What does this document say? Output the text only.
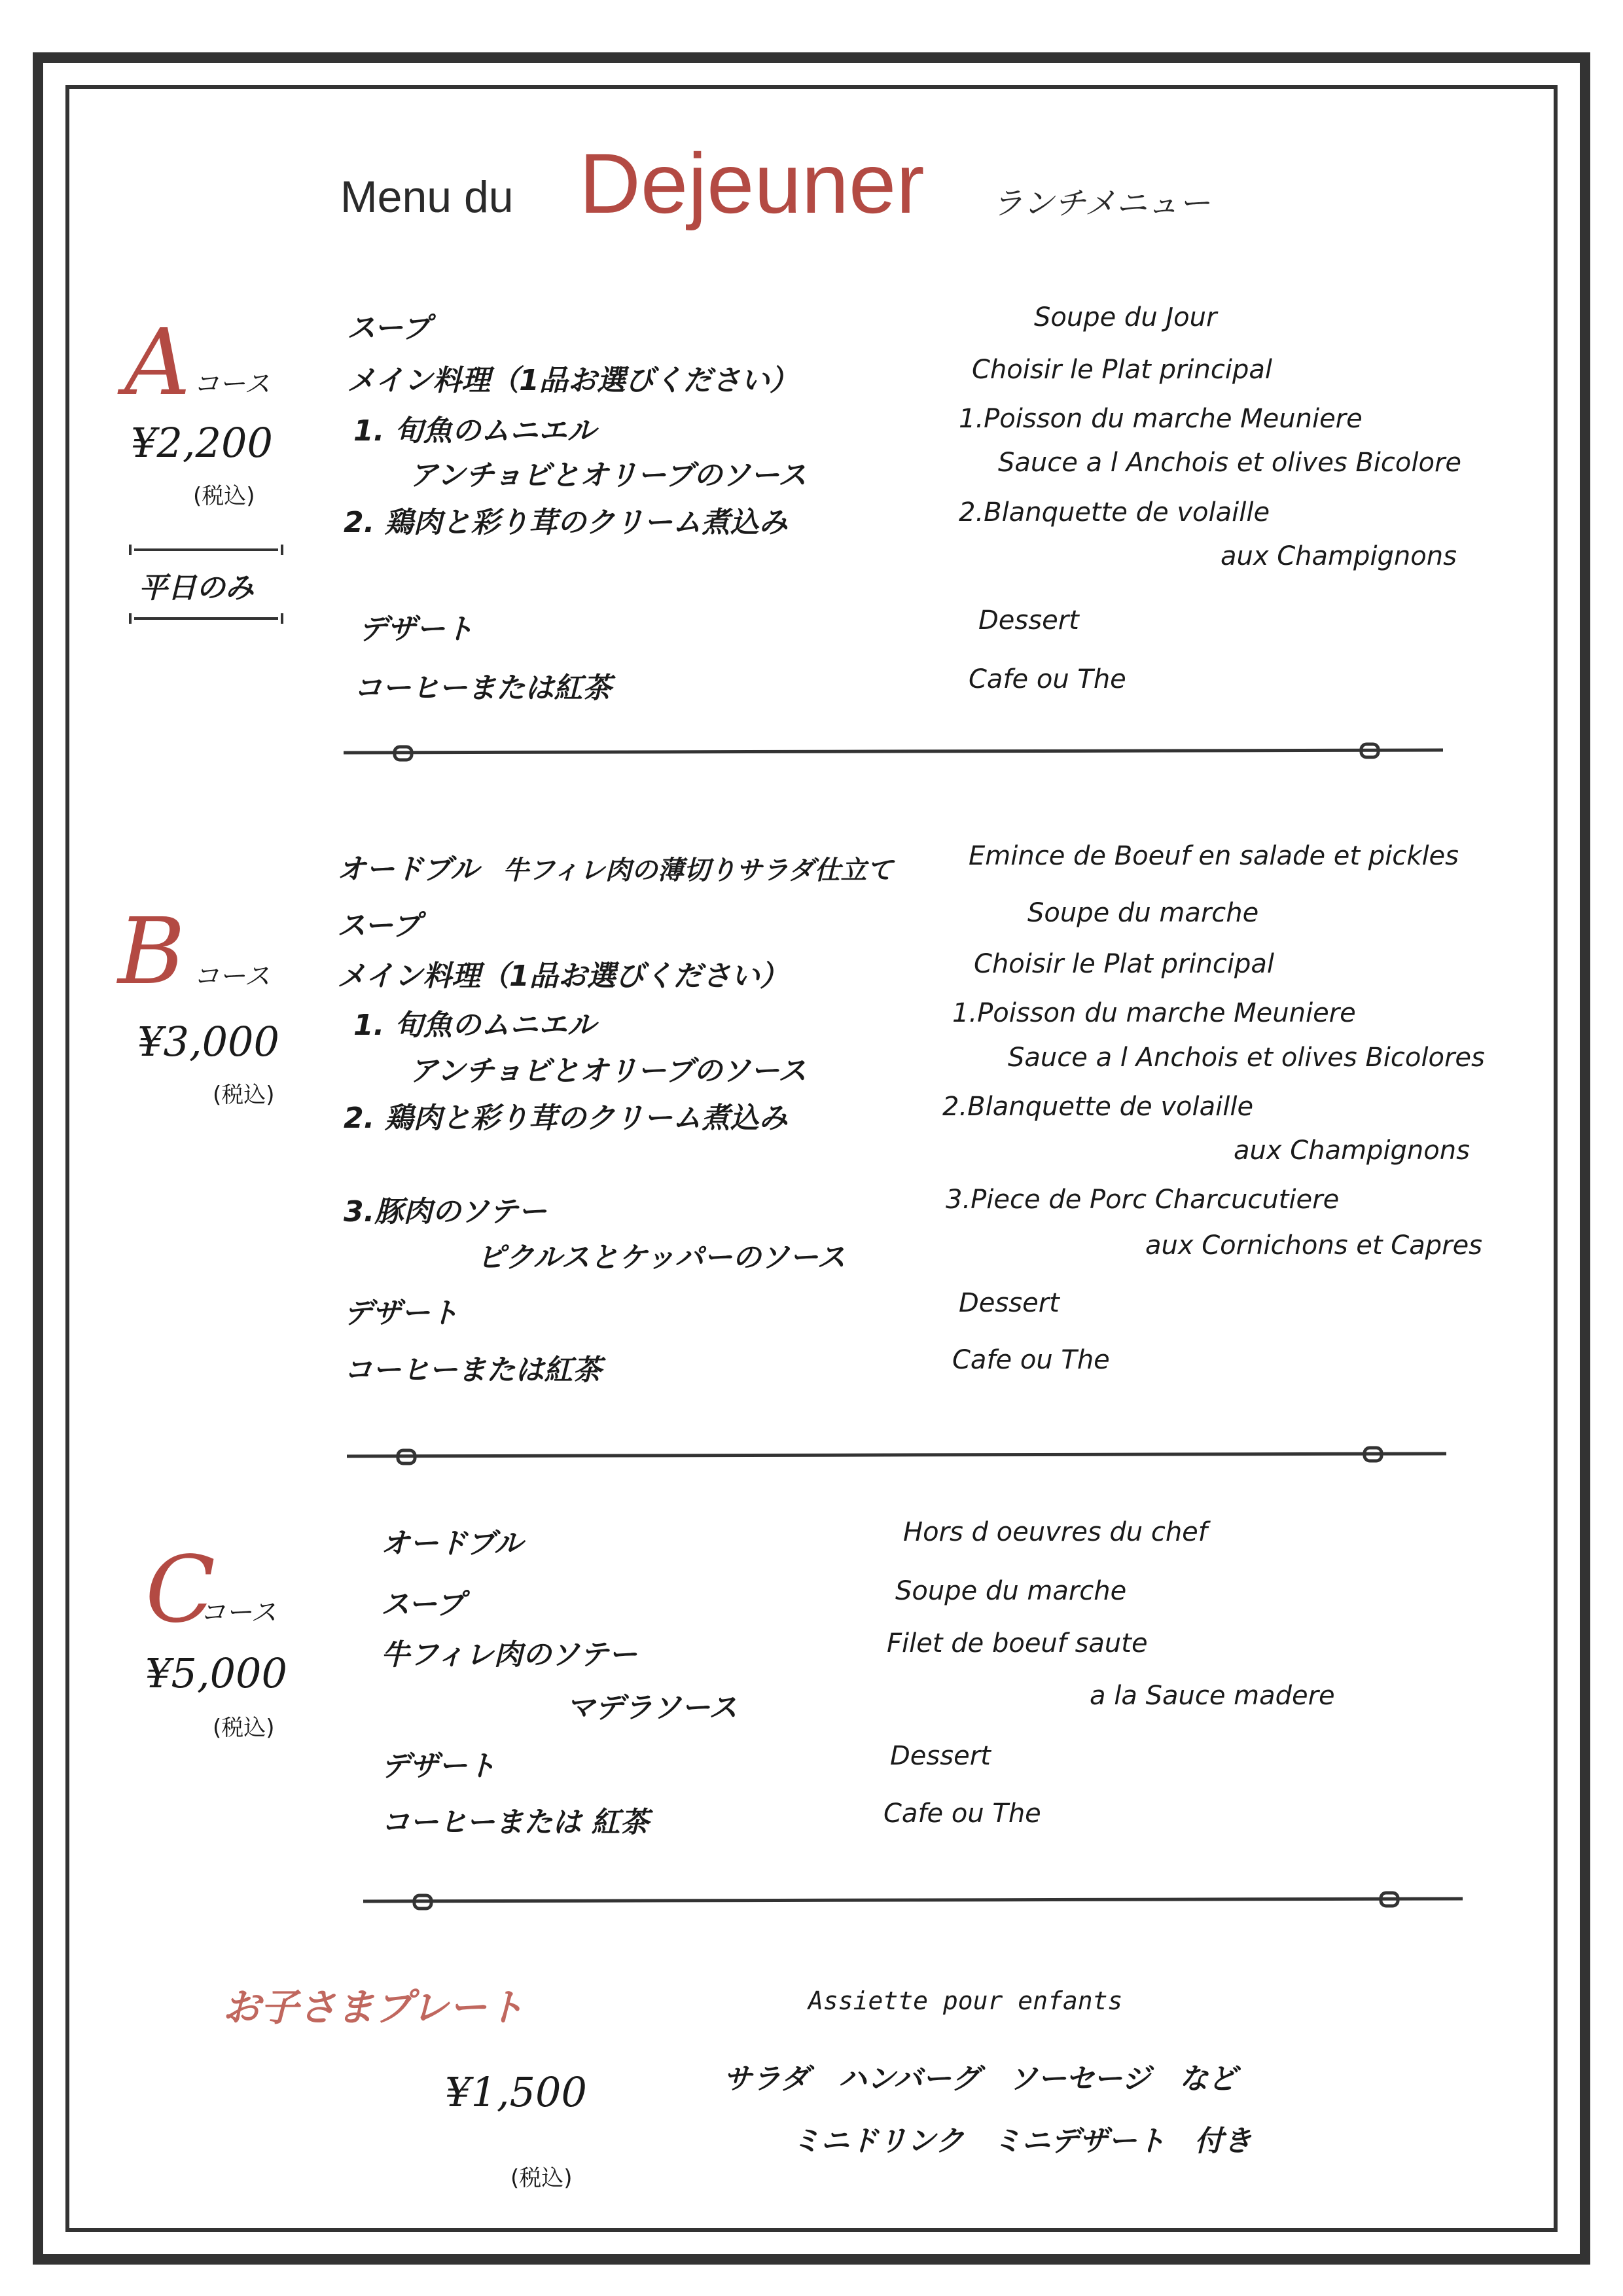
Menu du Dejeuner ランチメニュー
A コース
¥2,200
(税込)
平日のみ
スープ
メイン料理（1品お選びください）
1. 旬魚のムニエル
アンチョビとオリーブのソース
2. 鶏肉と彩り茸のクリーム煮込み
デザート
コーヒーまたは紅茶
Soupe du Jour
Choisir le Plat principal
1.Poisson du marche Meuniere
Sauce a l Anchois et olives Bicolore
2.Blanquette de volaille
aux Champignons
Dessert
Cafe ou The
B コース
¥3,000
(税込)
オードブル 牛フィレ肉の薄切りサラダ仕立て
スープ
メイン料理（1品お選びください）
1. 旬魚のムニエル
アンチョビとオリーブのソース
2. 鶏肉と彩り茸のクリーム煮込み
3.豚肉のソテー
ピクルスとケッパーのソース
デザート
コーヒーまたは紅茶
Emince de Boeuf en salade et pickles
Soupe du marche
Choisir le Plat principal
1.Poisson du marche Meuniere
Sauce a l Anchois et olives Bicolores
2.Blanquette de volaille
aux Champignons
3.Piece de Porc Charcucutiere
aux Cornichons et Capres
Dessert
Cafe ou The
C
コース
¥5,000
(税込)
オードブル
スープ
牛フィレ肉のソテー
マデラソース
デザート
コーヒーまたは 紅茶
Hors d oeuvres du chef
Soupe du marche
Filet de boeuf saute
a la Sauce madere
Dessert
Cafe ou The
お子さまプレート	Assiette pour enfants
¥1,500
(税込)
サラダ　ハンバーグ　ソーセージ　など
ミニドリンク　ミニデザート　付き
